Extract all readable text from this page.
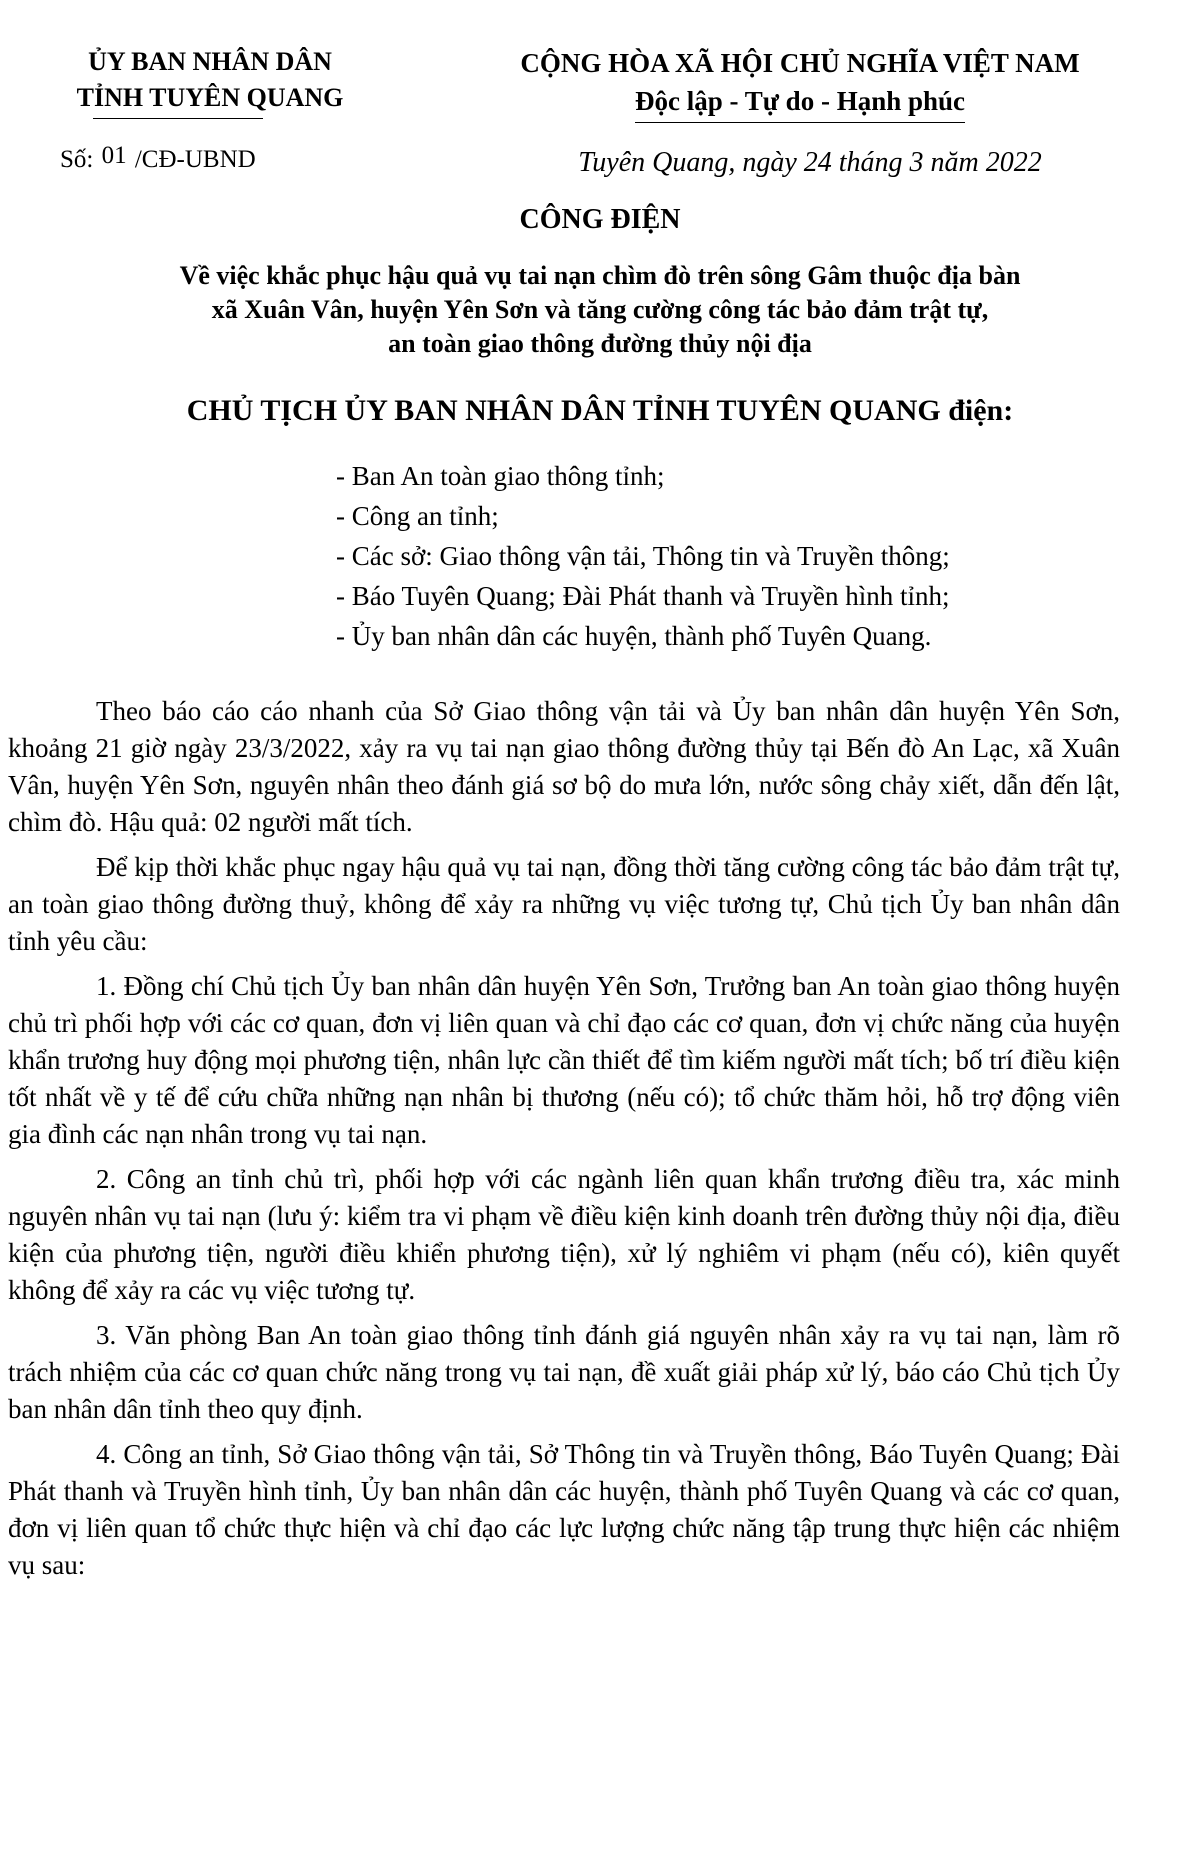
ỦY BAN NHÂN DÂN
TỈNH TUYÊN QUANG
CỘNG HÒA XÃ HỘI CHỦ NGHĨA VIỆT NAM
Độc lập - Tự do - Hạnh phúc
Số: 01 /CĐ-UBND	Tuyên Quang, ngày 24 tháng 3 năm 2022
CÔNG ĐIỆN
Về việc khắc phục hậu quả vụ tai nạn chìm đò trên sông Gâm thuộc địa bàn
xã Xuân Vân, huyện Yên Sơn và tăng cường công tác bảo đảm trật tự,
an toàn giao thông đường thủy nội địa
CHỦ TỊCH ỦY BAN NHÂN DÂN TỈNH TUYÊN QUANG điện:
- Ban An toàn giao thông tỉnh;
- Công an tỉnh;
- Các sở: Giao thông vận tải, Thông tin và Truyền thông;
- Báo Tuyên Quang; Đài Phát thanh và Truyền hình tỉnh;
- Ủy ban nhân dân các huyện, thành phố Tuyên Quang.

Theo báo cáo cáo nhanh của Sở Giao thông vận tải và Ủy ban nhân dân huyện Yên Sơn, khoảng 21 giờ ngày 23/3/2022, xảy ra vụ tai nạn giao thông đường thủy tại Bến đò An Lạc, xã Xuân Vân, huyện Yên Sơn, nguyên nhân theo đánh giá sơ bộ do mưa lớn, nước sông chảy xiết, dẫn đến lật, chìm đò. Hậu quả: 02 người mất tích.

Để kịp thời khắc phục ngay hậu quả vụ tai nạn, đồng thời tăng cường công tác bảo đảm trật tự, an toàn giao thông đường thuỷ, không để xảy ra những vụ việc tương tự, Chủ tịch Ủy ban nhân dân tỉnh yêu cầu:

1. Đồng chí Chủ tịch Ủy ban nhân dân huyện Yên Sơn, Trưởng ban An toàn giao thông huyện chủ trì phối hợp với các cơ quan, đơn vị liên quan và chỉ đạo các cơ quan, đơn vị chức năng của huyện khẩn trương huy động mọi phương tiện, nhân lực cần thiết để tìm kiếm người mất tích; bố trí điều kiện tốt nhất về y tế để cứu chữa những nạn nhân bị thương (nếu có); tổ chức thăm hỏi, hỗ trợ động viên gia đình các nạn nhân trong vụ tai nạn.

2. Công an tỉnh chủ trì, phối hợp với các ngành liên quan khẩn trương điều tra, xác minh nguyên nhân vụ tai nạn (lưu ý: kiểm tra vi phạm về điều kiện kinh doanh trên đường thủy nội địa, điều kiện của phương tiện, người điều khiển phương tiện), xử lý nghiêm vi phạm (nếu có), kiên quyết không để xảy ra các vụ việc tương tự.

3. Văn phòng Ban An toàn giao thông tỉnh đánh giá nguyên nhân xảy ra vụ tai nạn, làm rõ trách nhiệm của các cơ quan chức năng trong vụ tai nạn, đề xuất giải pháp xử lý, báo cáo Chủ tịch Ủy ban nhân dân tỉnh theo quy định.

4. Công an tỉnh, Sở Giao thông vận tải, Sở Thông tin và Truyền thông, Báo Tuyên Quang; Đài Phát thanh và Truyền hình tỉnh, Ủy ban nhân dân các huyện, thành phố Tuyên Quang và các cơ quan, đơn vị liên quan tổ chức thực hiện và chỉ đạo các lực lượng chức năng tập trung thực hiện các nhiệm vụ sau:
